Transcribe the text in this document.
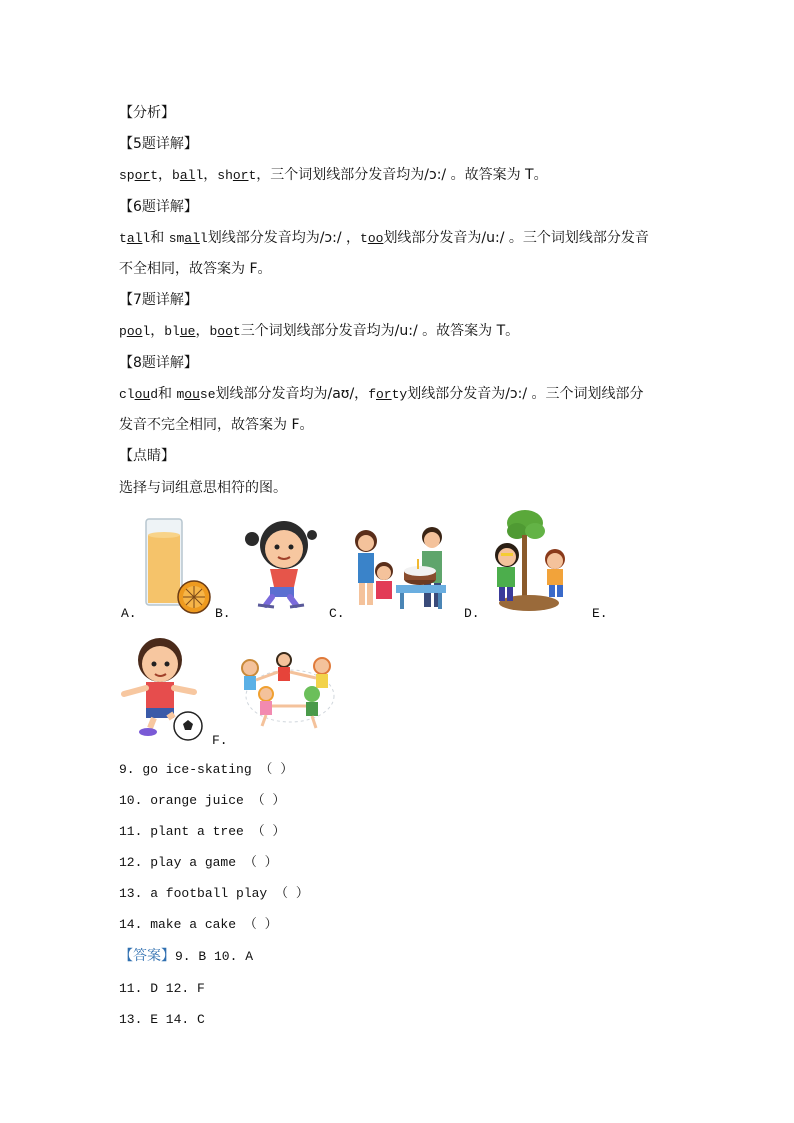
【分析】
【5题详解】
sport，ball，short，三个词划线部分发音均为/ɔ:/ 。故答案为 T。
【6题详解】
tall和 small划线部分发音均为/ɔ:/ ，too划线部分发音为/u:/ 。三个词划线部分发音
不全相同，故答案为 F。
【7题详解】
pool，blue，boot三个词划线部分发音均为/u:/ 。故答案为 T。
【8题详解】
cloud和 mouse划线部分发音均为/aʊ/，forty划线部分发音为/ɔ:/ 。三个词划线部分
发音不完全相同，故答案为 F。
【点睛】
选择与词组意思相符的图。
A.	B.	C.	D.	E.
F.
9. go ice-skating （ ）
10. orange juice （ ）
11. plant a tree （ ）
12. play a game （ ）
13. a football play （ ）
14. make a cake （ ）
【答案】9. B 10. A
11. D 12. F
13. E 14. C
